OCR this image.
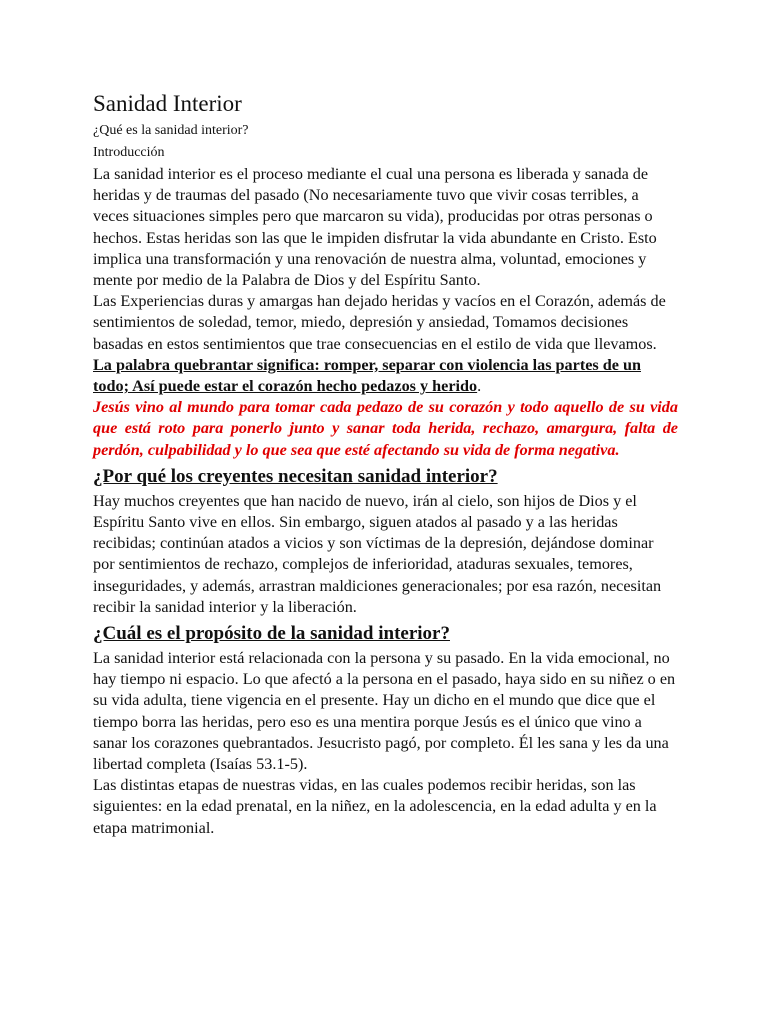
Sanidad Interior

¿Qué es la sanidad interior?

Introducción

La sanidad interior es el proceso mediante el cual una persona es liberada y sanada de heridas y de traumas del pasado (No necesariamente tuvo que vivir cosas terribles, a veces situaciones simples pero que marcaron su vida), producidas por otras personas o hechos. Estas heridas son las que le impiden disfrutar la vida abundante en Cristo. Esto implica una transformación y una renovación de nuestra alma, voluntad, emociones y mente por medio de la Palabra de Dios y del Espíritu Santo.

Las Experiencias duras y amargas han dejado heridas y vacíos en el Corazón, además de sentimientos de soledad, temor, miedo, depresión y ansiedad, Tomamos decisiones basadas en estos sentimientos que trae consecuencias en el estilo de vida que llevamos.

La palabra quebrantar significa: romper, separar con violencia las partes de un todo; Así puede estar el corazón hecho pedazos y herido.

Jesús vino al mundo para tomar cada pedazo de su corazón y todo aquello de su vida que está roto para ponerlo junto y sanar toda herida, rechazo, amargura, falta de perdón, culpabilidad y lo que sea que esté afectando su vida de forma negativa.

¿Por qué los creyentes necesitan sanidad interior?

Hay muchos creyentes que han nacido de nuevo, irán al cielo, son hijos de Dios y el Espíritu Santo vive en ellos. Sin embargo, siguen atados al pasado y a las heridas recibidas; continúan atados a vicios y son víctimas de la depresión, dejándose dominar por sentimientos de rechazo, complejos de inferioridad, ataduras sexuales, temores, inseguridades, y además, arrastran maldiciones generacionales; por esa razón, necesitan recibir la sanidad interior y la liberación.

¿Cuál es el propósito de la sanidad interior?

La sanidad interior está relacionada con la persona y su pasado. En la vida emocional, no hay tiempo ni espacio. Lo que afectó a la persona en el pasado, haya sido en su niñez o en su vida adulta, tiene vigencia en el presente. Hay un dicho en el mundo que dice que el tiempo borra las heridas, pero eso es una mentira porque Jesús es el único que vino a sanar los corazones quebrantados. Jesucristo pagó, por completo. Él les sana y les da una libertad completa (Isaías 53.1-5).

Las distintas etapas de nuestras vidas, en las cuales podemos recibir heridas, son las siguientes: en la edad prenatal, en la niñez, en la adolescencia, en la edad adulta y en la etapa matrimonial.
